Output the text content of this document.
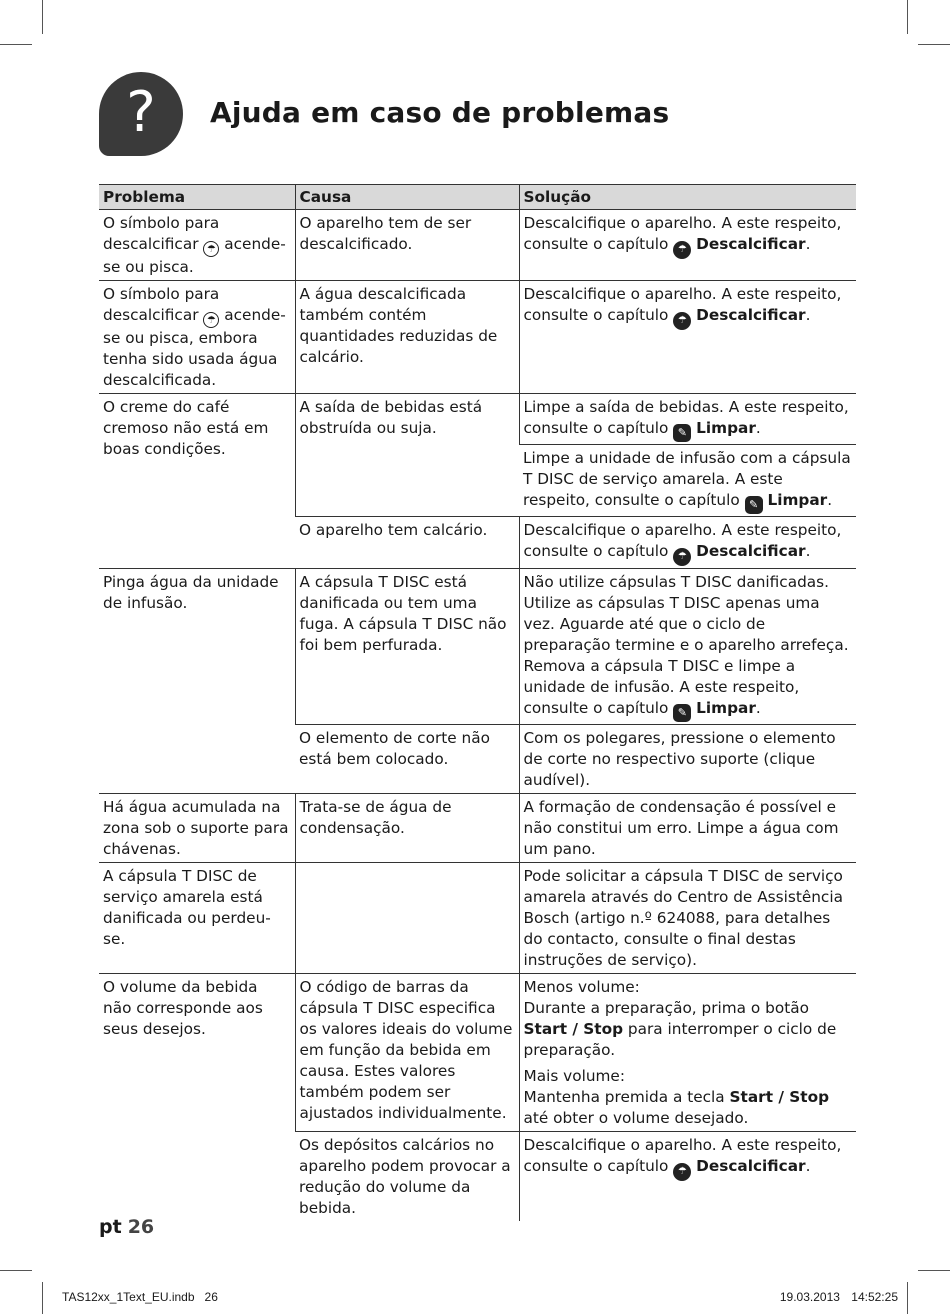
? Ajuda em caso de problemas
Problema	Causa	Solução
O símbolo para descalcificar ☂ acende-se ou pisca.	O aparelho tem de ser descalcificado.	Descalcifique o aparelho. A este respeito, consulte o capítulo ☂ Descalcificar.
O símbolo para descalcificar ☂ acende-se ou pisca, embora tenha sido usada água descalcificada.	A água descalcificada também contém quantidades reduzidas de calcário.	Descalcifique o aparelho. A este respeito, consulte o capítulo ☂ Descalcificar.
O creme do café cremoso não está em boas condições.	A saída de bebidas está obstruída ou suja.	Limpe a saída de bebidas. A este respeito, consulte o capítulo ✎ Limpar.
		Limpe a unidade de infusão com a cápsula T DISC de serviço amarela. A este respeito, consulte o capítulo ✎ Limpar.
	O aparelho tem calcário.	Descalcifique o aparelho. A este respeito, consulte o capítulo ☂ Descalcificar.
Pinga água da unidade de infusão.	A cápsula T DISC está danificada ou tem uma fuga. A cápsula T DISC não foi bem perfurada.	Não utilize cápsulas T DISC danificadas. Utilize as cápsulas T DISC apenas uma vez. Aguarde até que o ciclo de preparação termine e o aparelho arrefeça. Remova a cápsula T DISC e limpe a unidade de infusão. A este respeito, consulte o capítulo ✎ Limpar.
	O elemento de corte não está bem colocado.	Com os polegares, pressione o elemento de corte no respectivo suporte (clique audível).
Há água acumulada na zona sob o suporte para chávenas.	Trata-se de água de condensação.	A formação de condensação é possível e não constitui um erro. Limpe a água com um pano.
A cápsula T DISC de serviço amarela está danificada ou perdeu-se.		Pode solicitar a cápsula T DISC de serviço amarela através do Centro de Assistência Bosch (artigo n.º 624088, para detalhes do contacto, consulte o final destas instruções de serviço).
O volume da bebida não corresponde aos seus desejos.	O código de barras da cápsula T DISC especifica os valores ideais do volume em função da bebida em causa. Estes valores também podem ser ajustados individualmente.	Menos volume:
Durante a preparação, prima o botão Start / Stop para interromper o ciclo de preparação.

Mais volume:
Mantenha premida a tecla Start / Stop até obter o volume desejado.

	Os depósitos calcários no aparelho podem provocar a redução do volume da bebida.	Descalcifique o aparelho. A este respeito, consulte o capítulo ☂ Descalcificar.
pt 26
TAS12xx_1Text_EU.indb   26	19.03.2013 14:52:25
